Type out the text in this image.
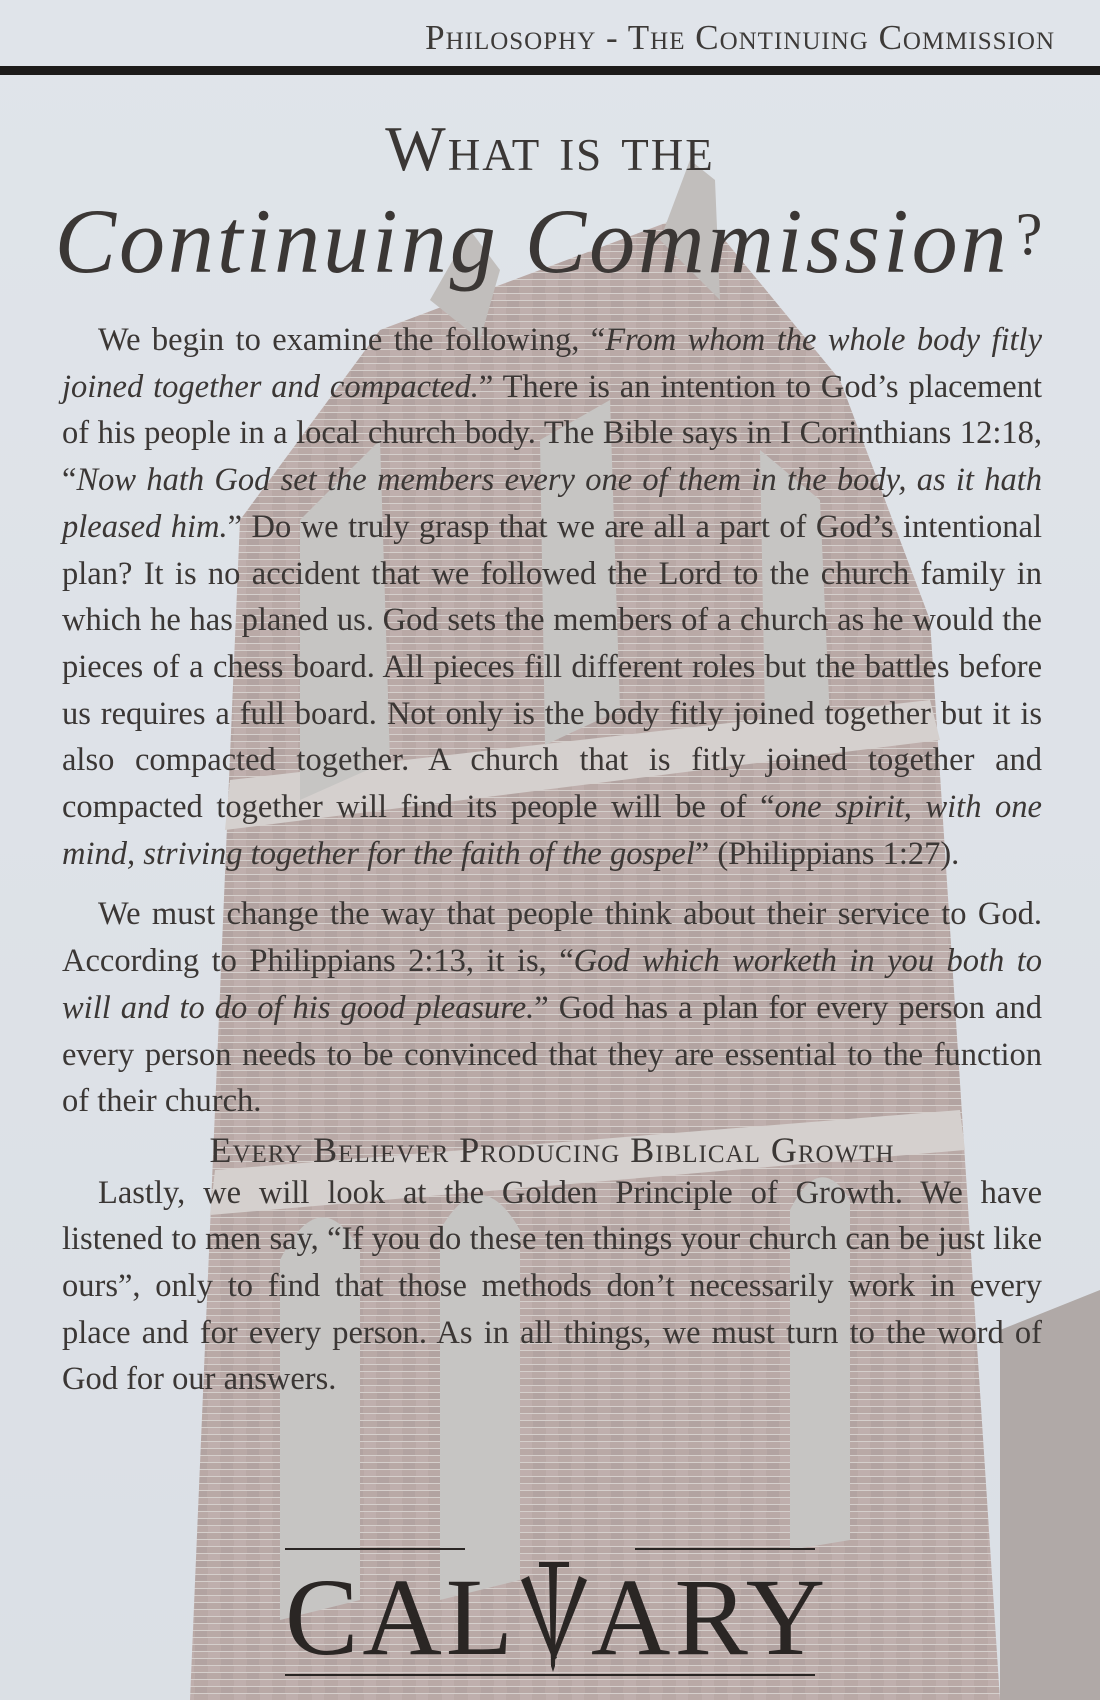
Philosophy - The Continuing Commission
What is the
Continuing Commission ?

We begin to examine the following, “From whom the whole body fitly joined together and compacted.” There is an intention to God’s placement of his people in a local church body. The Bible says in I Corinthians 12:18, “Now hath God set the members every one of them in the body, as it hath pleased him.” Do we truly grasp that we are all a part of God’s intentional plan? It is no accident that we followed the Lord to the church family in which he has planed us. God sets the members of a church as he would the pieces of a chess board. All pieces fill different roles but the battles before us requires a full board. Not only is the body fitly joined together but it is also compacted together. A church that is fitly joined together and compacted together will find its people will be of “one spirit, with one mind, striving together for the faith of the gospel” (Philippians 1:27).

We must change the way that people think about their service to God. According to Philippians 2:13, it is, “God which worketh in you both to will and to do of his good pleasure.” God has a plan for every person and every person needs to be convinced that they are essential to the function of their church.

Every Believer Producing Biblical Growth

Lastly, we will look at the Golden Principle of Growth. We have listened to men say, “If you do these ten things your church can be just like ours”, only to find that those methods don’t necessarily work in every place and for every person. As in all things, we must turn to the word of God for our answers.

CAL ARY
